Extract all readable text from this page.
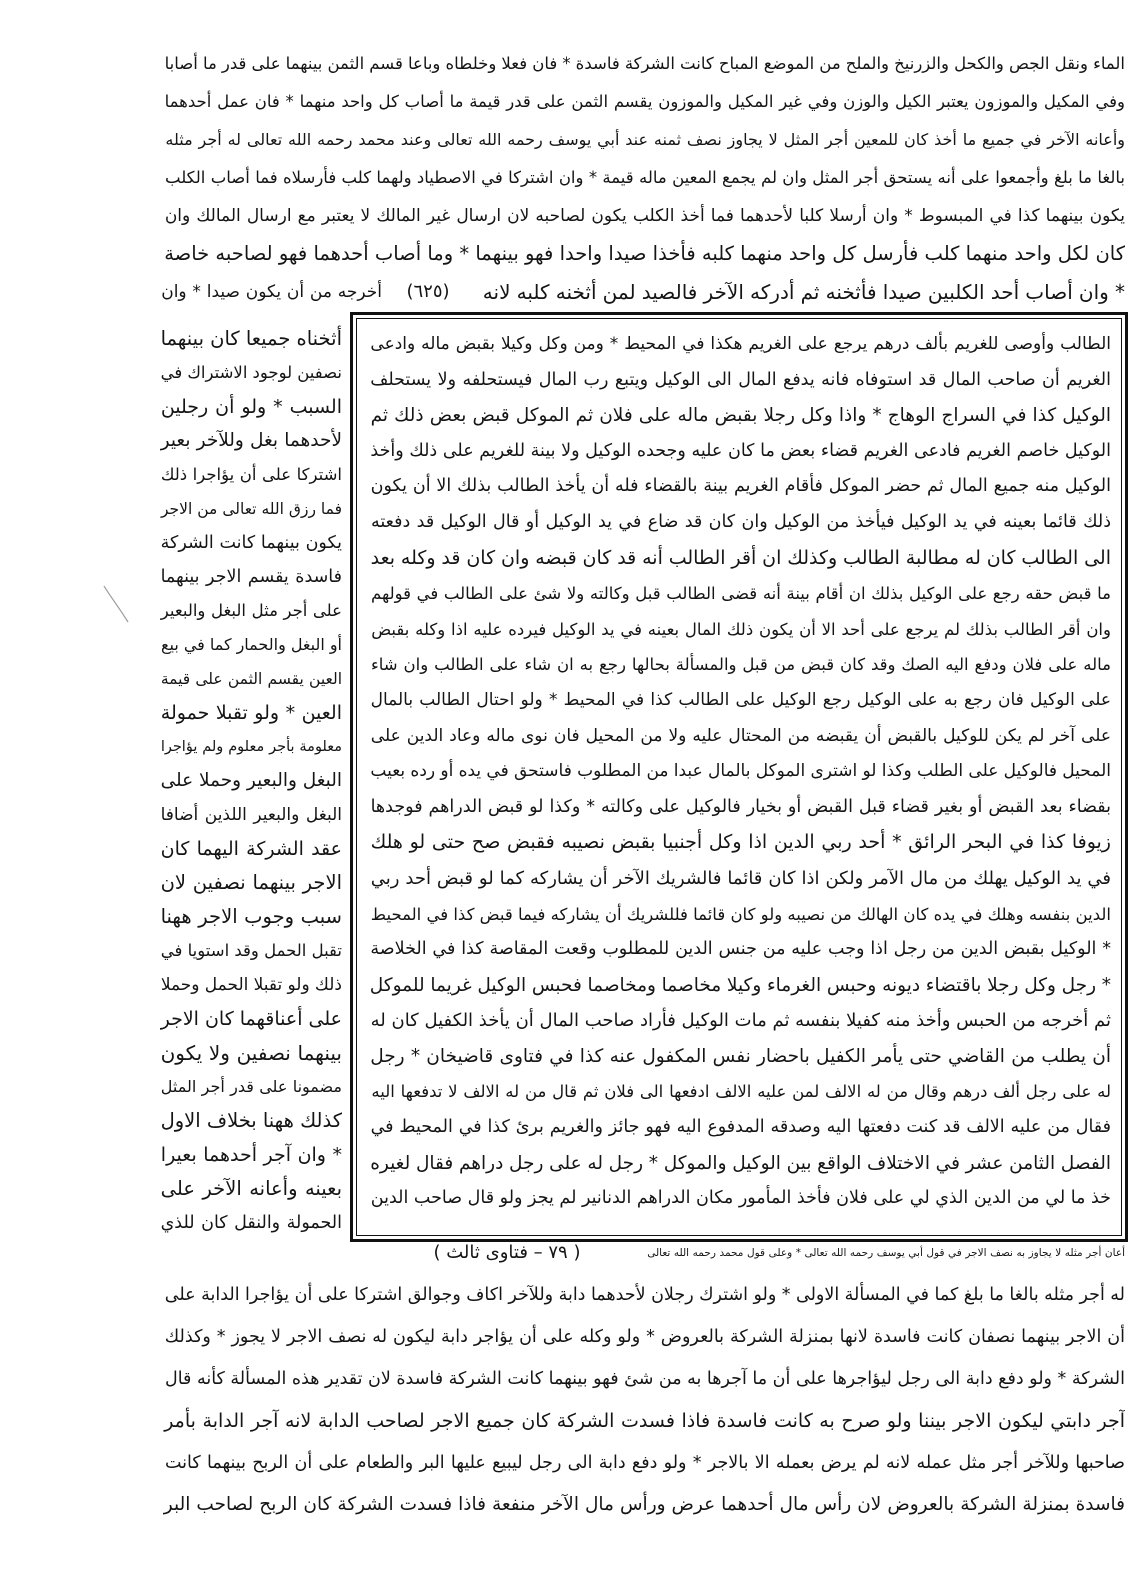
الماء ونقل الجص والكحل والزرنيخ والملح من الموضع المباح كانت الشركة فاسدة * فان فعلا وخلطاه وباعا قسم الثمن بينهما على قدر ما أصابا
وفي المكيل والموزون يعتبر الكيل والوزن وفي غير المكيل والموزون يقسم الثمن على قدر قيمة ما أصاب كل واحد منهما * فان عمل أحدهما
وأعانه الآخر في جميع ما أخذ كان للمعين أجر المثل لا يجاوز نصف ثمنه عند أبي يوسف رحمه الله تعالى وعند محمد رحمه الله تعالى له أجر مثله
بالغا ما بلغ وأجمعوا على أنه يستحق أجر المثل وان لم يجمع المعين ماله قيمة * وان اشتركا في الاصطياد ولهما كلب فأرسلاه فما أصاب الكلب
يكون بينهما كذا في المبسوط * وان أرسلا كلبا لأحدهما فما أخذ الكلب يكون لصاحبه لان ارسال غير المالك لا يعتبر مع ارسال المالك وان
كان لكل واحد منهما كلب فأرسل كل واحد منهما كلبه فأخذا صيدا واحدا فهو بينهما * وما أصاب أحدهما فهو لصاحبه خاصة
* وان أصاب أحد الكلبين صيدا فأثخنه ثم أدركه الآخر فالصيد لمن أثخنه كلبه لانه
(٦٢٥)
أخرجه من أن يكون صيدا * وان
الطالب وأوصى للغريم بألف درهم يرجع على الغريم هكذا في المحيط * ومن وكل وكيلا بقبض ماله وادعى
الغريم أن صاحب المال قد استوفاه فانه يدفع المال الى الوكيل ويتبع رب المال فيستحلفه ولا يستحلف
الوكيل كذا في السراج الوهاج * واذا وكل رجلا بقبض ماله على فلان ثم الموكل قبض بعض ذلك ثم
الوكيل خاصم الغريم فادعى الغريم قضاء بعض ما كان عليه وجحده الوكيل ولا بينة للغريم على ذلك وأخذ
الوكيل منه جميع المال ثم حضر الموكل فأقام الغريم بينة بالقضاء فله أن يأخذ الطالب بذلك الا أن يكون
ذلك قائما بعينه في يد الوكيل فيأخذ من الوكيل وان كان قد ضاع في يد الوكيل أو قال الوكيل قد دفعته
الى الطالب كان له مطالبة الطالب وكذلك ان أقر الطالب أنه قد كان قبضه وان كان قد وكله بعد
ما قبض حقه رجع على الوكيل بذلك ان أقام بينة أنه قضى الطالب قبل وكالته ولا شئ على الطالب في قولهم
وان أقر الطالب بذلك لم يرجع على أحد الا أن يكون ذلك المال بعينه في يد الوكيل فيرده عليه اذا وكله بقبض
ماله على فلان ودفع اليه الصك وقد كان قبض من قبل والمسألة بحالها رجع به ان شاء على الطالب وان شاء
على الوكيل فان رجع به على الوكيل رجع الوكيل على الطالب كذا في المحيط * ولو احتال الطالب بالمال
على آخر لم يكن للوكيل بالقبض أن يقبضه من المحتال عليه ولا من المحيل فان نوى ماله وعاد الدين على
المحيل فالوكيل على الطلب وكذا لو اشترى الموكل بالمال عبدا من المطلوب فاستحق في يده أو رده بعيب
بقضاء بعد القبض أو بغير قضاء قبل القبض أو بخيار فالوكيل على وكالته * وكذا لو قبض الدراهم فوجدها
زيوفا كذا في البحر الرائق * أحد ربي الدين اذا وكل أجنبيا بقبض نصيبه فقبض صح حتى لو هلك
في يد الوكيل يهلك من مال الآمر ولكن اذا كان قائما فالشريك الآخر أن يشاركه كما لو قبض أحد ربي
الدين بنفسه وهلك في يده كان الهالك من نصيبه ولو كان قائما فللشريك أن يشاركه فيما قبض كذا في المحيط
* الوكيل بقبض الدين من رجل اذا وجب عليه من جنس الدين للمطلوب وقعت المقاصة كذا في الخلاصة
* رجل وكل رجلا باقتضاء ديونه وحبس الغرماء وكيلا مخاصما ومخاصما فحبس الوكيل غريما للموكل
ثم أخرجه من الحبس وأخذ منه كفيلا بنفسه ثم مات الوكيل فأراد صاحب المال أن يأخذ الكفيل كان له
أن يطلب من القاضي حتى يأمر الكفيل باحضار نفس المكفول عنه كذا في فتاوى قاضيخان * رجل
له على رجل ألف درهم وقال من له الالف لمن عليه الالف ادفعها الى فلان ثم قال من له الالف لا تدفعها اليه
فقال من عليه الالف قد كنت دفعتها اليه وصدقه المدفوع اليه فهو جائز والغريم برئ كذا في المحيط في
الفصل الثامن عشر في الاختلاف الواقع بين الوكيل والموكل * رجل له على رجل دراهم فقال لغيره
خذ ما لي من الدين الذي لي على فلان فأخذ المأمور مكان الدراهم الدنانير لم يجز ولو قال صاحب الدين
أثخناه جميعا كان بينهما
نصفين لوجود الاشتراك في
السبب * ولو أن رجلين
لأحدهما بغل وللآخر بعير
اشتركا على أن يؤاجرا ذلك
فما رزق الله تعالى من الاجر
يكون بينهما كانت الشركة
فاسدة يقسم الاجر بينهما
على أجر مثل البغل والبعير
أو البغل والحمار كما في بيع
العين يقسم الثمن على قيمة
العين * ولو تقبلا حمولة
معلومة بأجر معلوم ولم يؤاجرا
البغل والبعير وحملا على
البغل والبعير اللذين أضافا
عقد الشركة اليهما كان
الاجر بينهما نصفين لان
سبب وجوب الاجر ههنا
تقبل الحمل وقد استويا في
ذلك ولو تقبلا الحمل وحملا
على أعناقهما كان الاجر
بينهما نصفين ولا يكون
مضمونا على قدر أجر المثل
كذلك ههنا بخلاف الاول
* وان آجر أحدهما بعيرا
بعينه وأعانه الآخر على
الحمولة والنقل كان للذي
أعان أجر مثله لا يجاوز به نصف الاجر في قول أبي يوسف رحمه الله تعالى * وعلى قول محمد رحمه الله تعالى
( ٧٩ – فتاوى ثالث )
له أجر مثله بالغا ما بلغ كما في المسألة الاولى * ولو اشترك رجلان لأحدهما دابة وللآخر اكاف وجوالق اشتركا على أن يؤاجرا الدابة على
أن الاجر بينهما نصفان كانت فاسدة لانها بمنزلة الشركة بالعروض * ولو وكله على أن يؤاجر دابة ليكون له نصف الاجر لا يجوز * وكذلك
الشركة * ولو دفع دابة الى رجل ليؤاجرها على أن ما آجرها به من شئ فهو بينهما كانت الشركة فاسدة لان تقدير هذه المسألة كأنه قال
آجر دابتي ليكون الاجر بيننا ولو صرح به كانت فاسدة فاذا فسدت الشركة كان جميع الاجر لصاحب الدابة لانه آجر الدابة بأمر
صاحبها وللآخر أجر مثل عمله لانه لم يرض بعمله الا بالاجر * ولو دفع دابة الى رجل ليبيع عليها البر والطعام على أن الربح بينهما كانت
فاسدة بمنزلة الشركة بالعروض لان رأس مال أحدهما عرض ورأس مال الآخر منفعة فاذا فسدت الشركة كان الربح لصاحب البر
